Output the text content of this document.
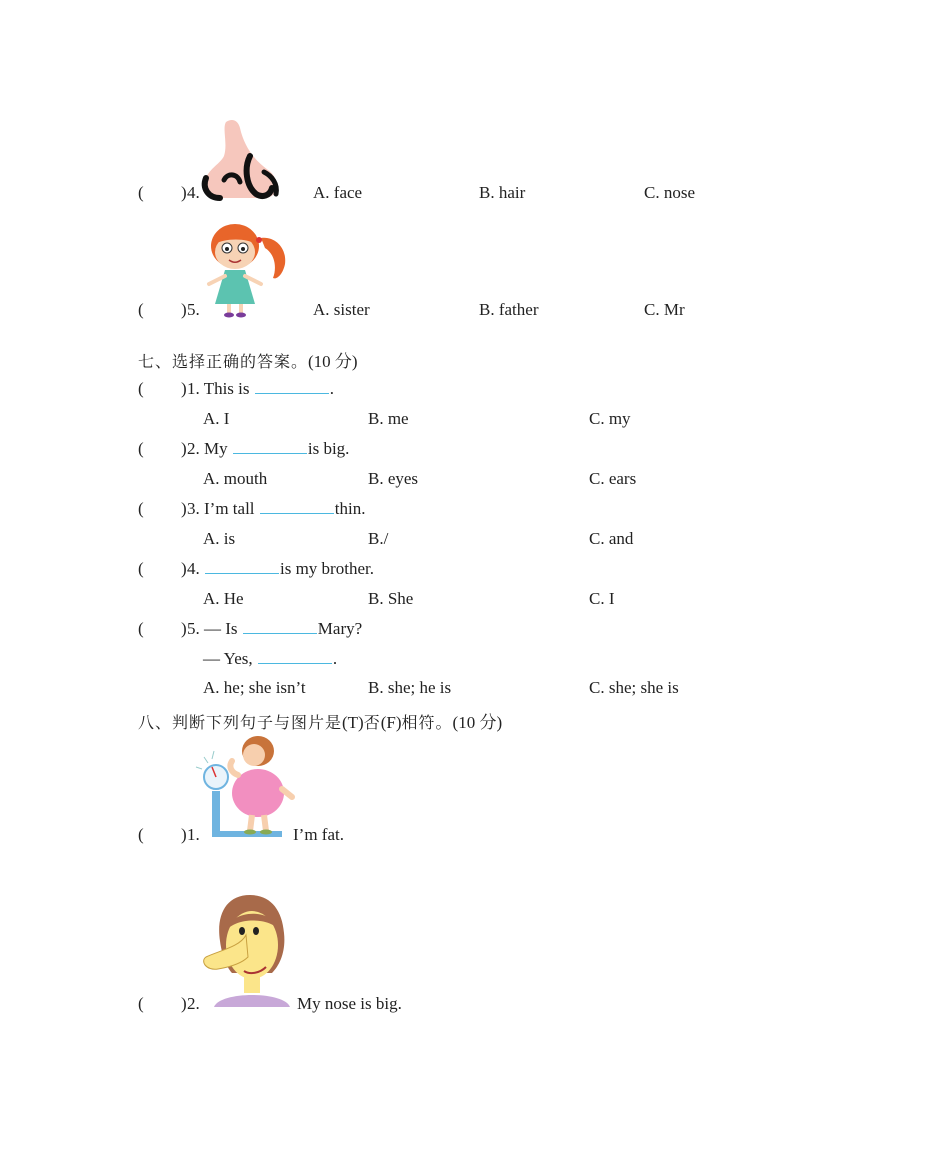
( ) 4.	A. face	B. hair	C. nose
( ) 5.	A. sister	B. father	C. Mr
七、选择正确的答案。(10 分)
( ) 1. This is	.
A. I	B. me	C. my
( ) 2. My	is big.
A. mouth	B. eyes	C. ears
( ) 3. I’m tall	thin.
A. is	B./	C. and
( ) 4.	is my brother.
A. He	B. She	C. I
( ) 5. — Is	Mary?
— Yes,	.
A. he; she isn’t	B. she; he is	C. she; she is
八、判断下列句子与图片是(T)否(F)相符。(10 分)
( ) 1.	I’m fat.
( ) 2.	My nose is big.
